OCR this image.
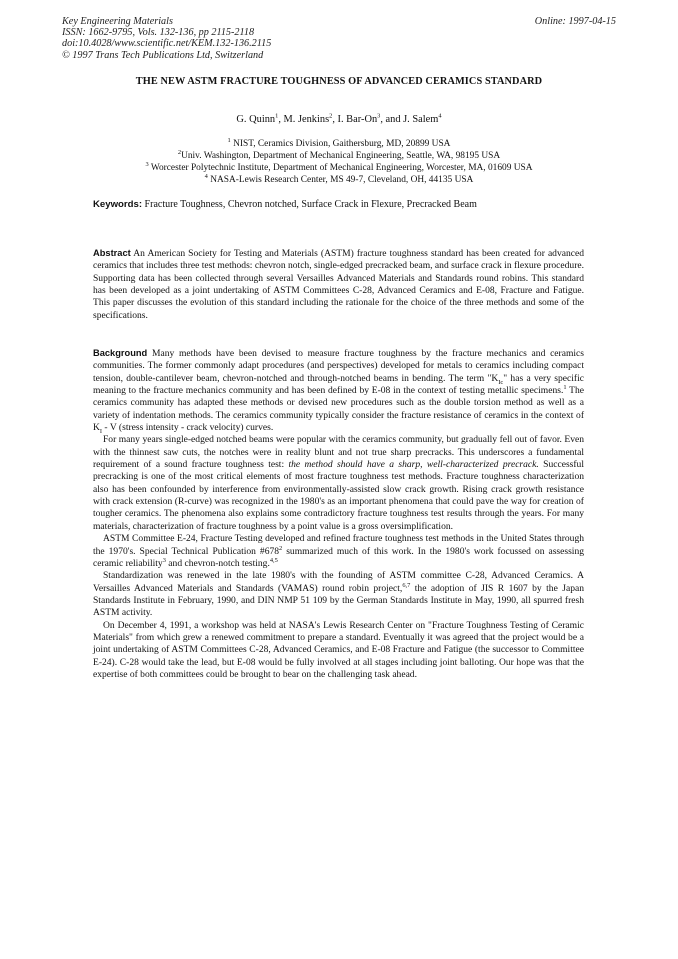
Key Engineering Materials
ISSN: 1662-9795, Vols. 132-136, pp 2115-2118
doi:10.4028/www.scientific.net/KEM.132-136.2115
© 1997 Trans Tech Publications Ltd, Switzerland
Online: 1997-04-15
THE NEW ASTM FRACTURE TOUGHNESS OF ADVANCED CERAMICS STANDARD
G. Quinn$^1$, M. Jenkins$^2$, I. Bar-On$^3$, and J. Salem$^4$
$^1$ NIST, Ceramics Division, Gaithersburg, MD, 20899 USA
$^2$Univ. Washington, Department of Mechanical Engineering, Seattle, WA, 98195 USA
$^3$ Worcester Polytechnic Institute, Department of Mechanical Engineering, Worcester, MA, 01609 USA
$^4$ NASA-Lewis Research Center, MS 49-7, Cleveland, OH, 44135 USA
Keywords: Fracture Toughness, Chevron notched, Surface Crack in Flexure, Precracked Beam

Abstract An American Society for Testing and Materials (ASTM) fracture toughness standard has been created for advanced ceramics that includes three test methods: chevron notch, single-edged precracked beam, and surface crack in flexure procedure. Supporting data has been collected through several Versailles Advanced Materials and Standards round robins. This standard has been developed as a joint undertaking of ASTM Committees C-28, Advanced Ceramics and E-08, Fracture and Fatigue. This paper discusses the evolution of this standard including the rationale for the choice of the three methods and some of the specifications.

Background Many methods have been devised to measure fracture toughness by the fracture mechanics and ceramics communities. The former commonly adapt procedures (and perspectives) developed for metals to ceramics including compact tension, double-cantilever beam, chevron-notched and through-notched beams in bending. The term "$K_{Ic}$" has a very specific meaning to the fracture mechanics community and has been defined by E-08 in the context of testing metallic specimens.$^1$ The ceramics community has adapted these methods or devised new procedures such as the double torsion method as well as a variety of indentation methods. The ceramics community typically consider the fracture resistance of ceramics in the context of $K_I$ - V (stress intensity - crack velocity) curves.

For many years single-edged notched beams were popular with the ceramics community, but gradually fell out of favor. Even with the thinnest saw cuts, the notches were in reality blunt and not true sharp precracks. This underscores a fundamental requirement of a sound fracture toughness test: the method should have a sharp, well-characterized precrack. Successful precracking is one of the most critical elements of most fracture toughness test methods. Fracture toughness characterization also has been confounded by interference from environmentally-assisted slow crack growth. Rising crack growth resistance with crack extension (R-curve) was recognized in the 1980's as an important phenomena that could pave the way for creation of tougher ceramics. The phenomena also explains some contradictory fracture toughness test results through the years. For many materials, characterization of fracture toughness by a point value is a gross oversimplification.

ASTM Committee E-24, Fracture Testing developed and refined fracture toughness test methods in the United States through the 1970's. Special Technical Publication $\#678^2$ summarized much of this work. In the 1980's work focussed on assessing ceramic reliability$^3$ and chevron-notch testing.$^{4,5}$

Standardization was renewed in the late 1980's with the founding of ASTM committee C-28, Advanced Ceramics. A Versailles Advanced Materials and Standards (VAMAS) round robin project,$^{6,7}$ the adoption of JIS R 1607 by the Japan Standards Institute in February, 1990, and DIN NMP 51 109 by the German Standards Institute in May, 1990, all spurred fresh ASTM activity.

On December 4, 1991, a workshop was held at NASA's Lewis Research Center on "Fracture Toughness Testing of Ceramic Materials" from which grew a renewed commitment to prepare a standard. Eventually it was agreed that the project would be a joint undertaking of ASTM Committees C-28, Advanced Ceramics, and E-08 Fracture and Fatigue (the successor to Committee E-24). C-28 would take the lead, but E-08 would be fully involved at all stages including joint balloting. Our hope was that the expertise of both committees could be brought to bear on the challenging task ahead.
